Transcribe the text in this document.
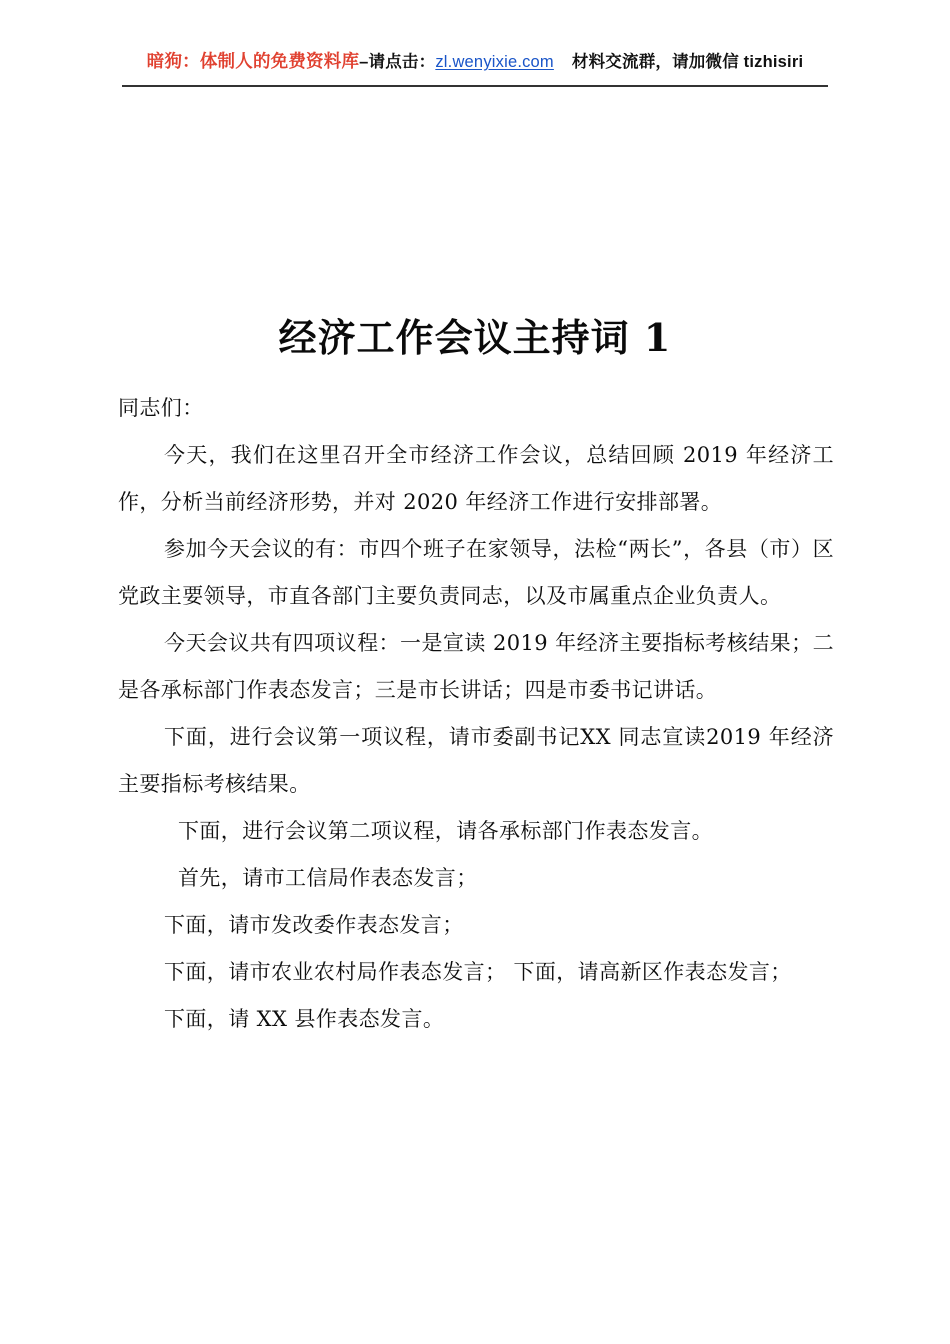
暗狗：体制人的免费资料库–请点击：zl.wenyixie.com 材料交流群，请加微信 tizhisiri
经济工作会议主持词 1

同志们：

今天，我们在这里召开全市经济工作会议，总结回顾 2019 年经济工作，分析当前经济形势，并对 2020 年经济工作进行安排部署。

参加今天会议的有：市四个班子在家领导，法检“两长”，各县（市）区党政主要领导，市直各部门主要负责同志，以及市属重点企业负责人。

今天会议共有四项议程：一是宣读 2019 年经济主要指标考核结果；二是各承标部门作表态发言；三是市长讲话；四是市委书记讲话。

下面，进行会议第一项议程，请市委副书记XX 同志宣读2019 年经济主要指标考核结果。

下面，进行会议第二项议程，请各承标部门作表态发言。

首先，请市工信局作表态发言；

下面，请市发改委作表态发言；

下面，请市农业农村局作表态发言； 下面，请高新区作表态发言；

下面，请 XX 县作表态发言。
